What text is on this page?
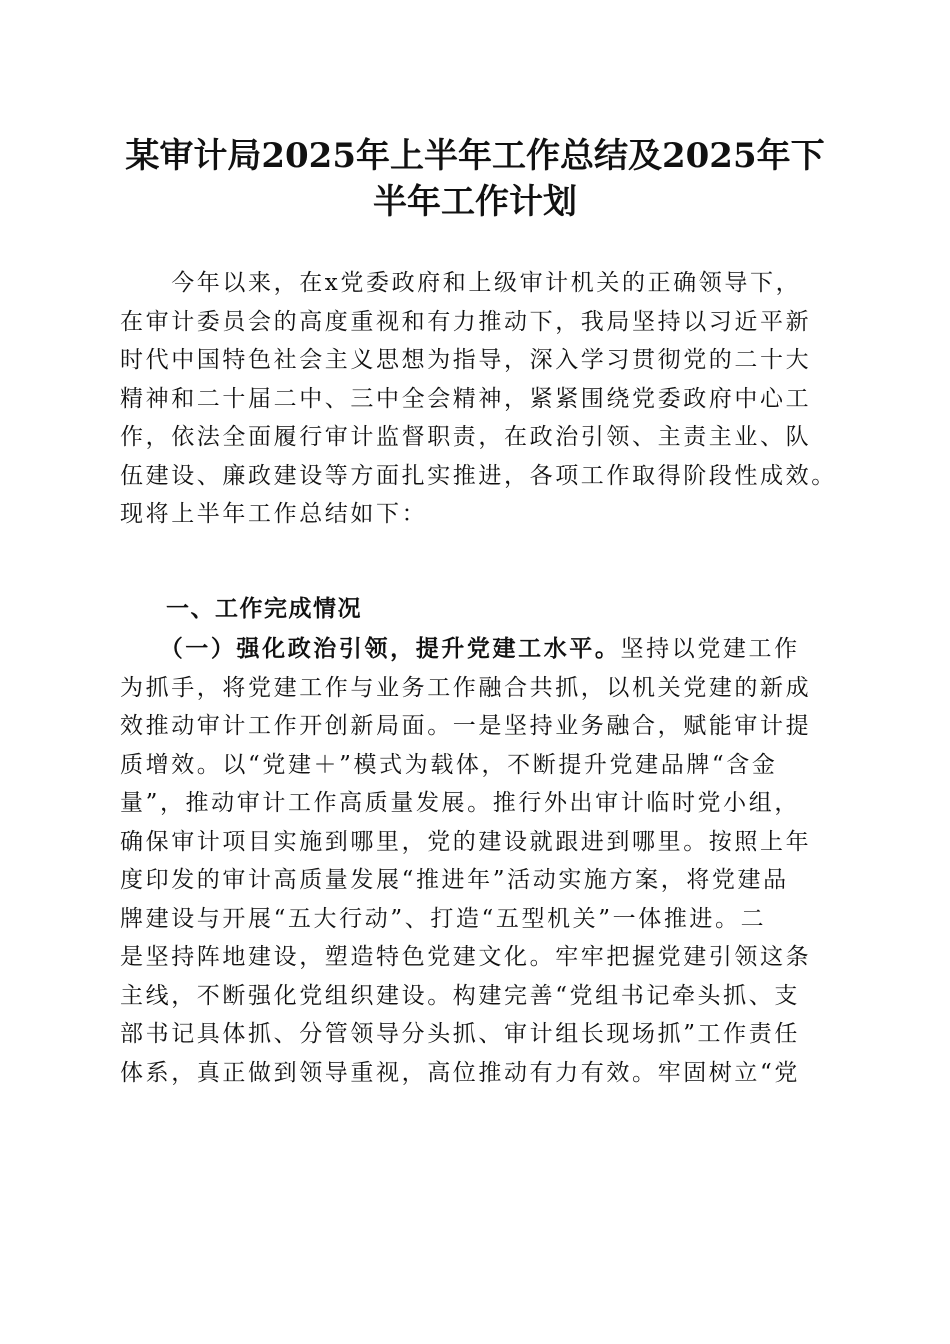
某审计局2025年上半年工作总结及2025年下
半年工作计划
　　今年以来，在x党委政府和上级审计机关的正确领导下，
在审计委员会的高度重视和有力推动下，我局坚持以习近平新
时代中国特色社会主义思想为指导，深入学习贯彻党的二十大
精神和二十届二中、三中全会精神，紧紧围绕党委政府中心工
作，依法全面履行审计监督职责，在政治引领、主责主业、队
伍建设、廉政建设等方面扎实推进，各项工作取得阶段性成效。
现将上半年工作总结如下：
一、工作完成情况
　　（一）强化政治引领，提升党建工水平。坚持以党建工作
为抓手，将党建工作与业务工作融合共抓，以机关党建的新成
效推动审计工作开创新局面。一是坚持业务融合，赋能审计提
质增效。以“党建＋”模式为载体，不断提升党建品牌“含金
量”，推动审计工作高质量发展。推行外出审计临时党小组，
确保审计项目实施到哪里，党的建设就跟进到哪里。按照上年
度印发的审计高质量发展“推进年”活动实施方案，将党建品
牌建设与开展“五大行动”、打造“五型机关”一体推进。二
是坚持阵地建设，塑造特色党建文化。牢牢把握党建引领这条
主线，不断强化党组织建设。构建完善“党组书记牵头抓、支
部书记具体抓、分管领导分头抓、审计组长现场抓”工作责任
体系，真正做到领导重视，高位推动有力有效。牢固树立“党
